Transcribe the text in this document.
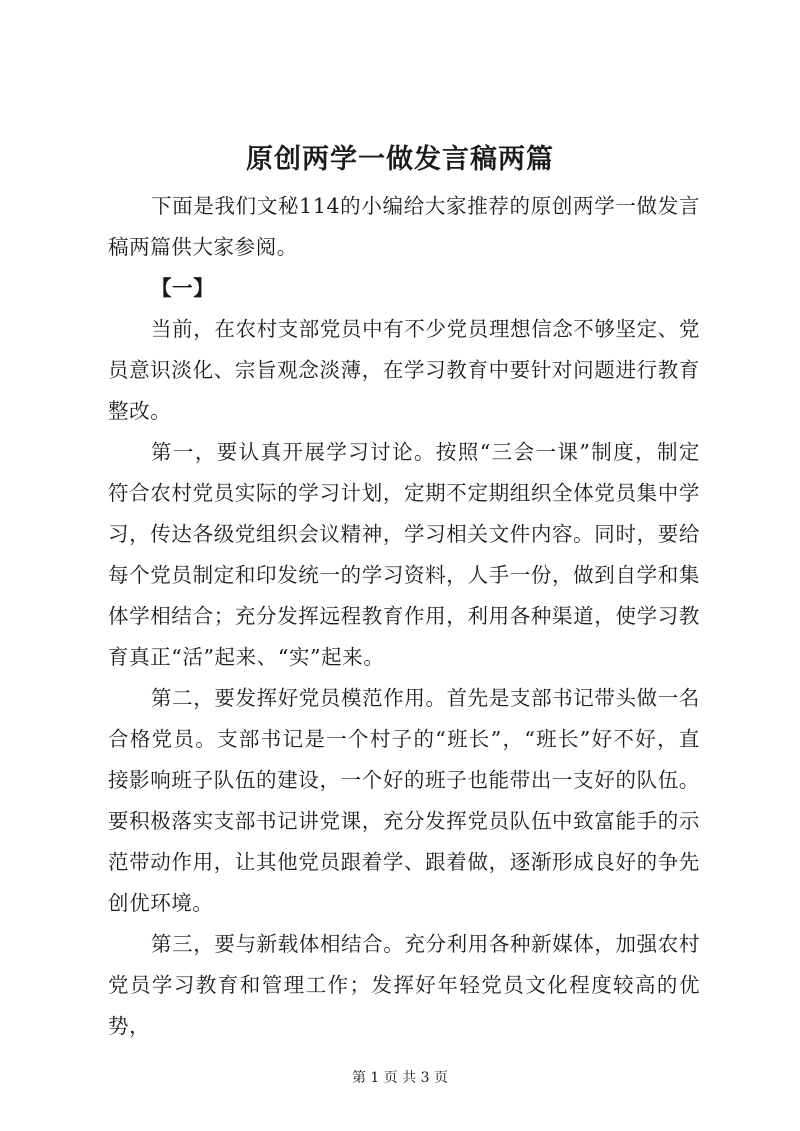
原创两学一做发言稿两篇

下面是我们文秘114的小编给大家推荐的原创两学一做发言稿两篇供大家参阅。

【一】

当前，在农村支部党员中有不少党员理想信念不够坚定、党员意识淡化、宗旨观念淡薄，在学习教育中要针对问题进行教育整改。

第一，要认真开展学习讨论。按照“三会一课”制度，制定符合农村党员实际的学习计划，定期不定期组织全体党员集中学习，传达各级党组织会议精神，学习相关文件内容。同时，要给每个党员制定和印发统一的学习资料，人手一份，做到自学和集体学相结合；充分发挥远程教育作用，利用各种渠道，使学习教育真正“活”起来、“实”起来。

第二，要发挥好党员模范作用。首先是支部书记带头做一名合格党员。支部书记是一个村子的“班长”，“班长”好不好，直接影响班子队伍的建设，一个好的班子也能带出一支好的队伍。要积极落实支部书记讲党课，充分发挥党员队伍中致富能手的示范带动作用，让其他党员跟着学、跟着做，逐渐形成良好的争先创优环境。

第三，要与新载体相结合。充分利用各种新媒体，加强农村党员学习教育和管理工作；发挥好年轻党员文化程度较高的优势，

第 1 页 共 3 页
